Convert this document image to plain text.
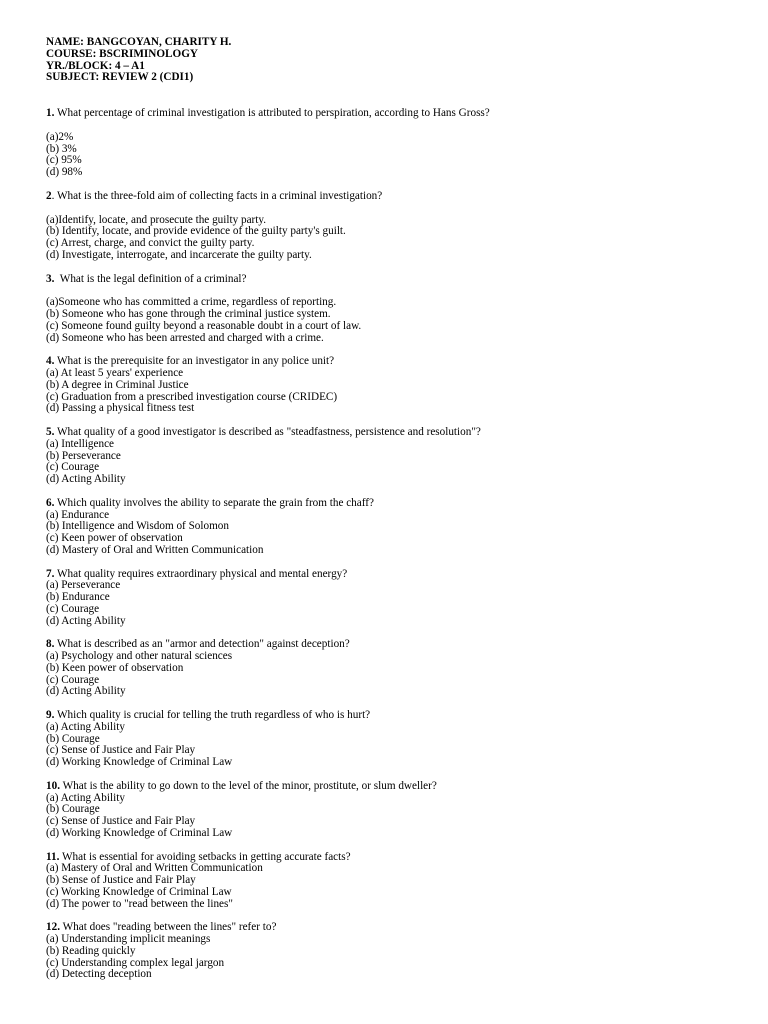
NAME: BANGCOYAN, CHARITY H.
COURSE: BSCRIMINOLOGY
YR./BLOCK: 4 – A1
SUBJECT: REVIEW 2 (CDI1)
1. What percentage of criminal investigation is attributed to perspiration, according to Hans Gross?
(a)2%
(b) 3%
(c) 95%
(d) 98%
2. What is the three-fold aim of collecting facts in a criminal investigation?
(a)Identify, locate, and prosecute the guilty party.
(b) Identify, locate, and provide evidence of the guilty party's guilt.
(c) Arrest, charge, and convict the guilty party.
(d) Investigate, interrogate, and incarcerate the guilty party.
3.  What is the legal definition of a criminal?
(a)Someone who has committed a crime, regardless of reporting.
(b) Someone who has gone through the criminal justice system.
(c) Someone found guilty beyond a reasonable doubt in a court of law.
(d) Someone who has been arrested and charged with a crime.
4. What is the prerequisite for an investigator in any police unit?
(a) At least 5 years' experience
(b) A degree in Criminal Justice
(c) Graduation from a prescribed investigation course (CRIDEC)
(d) Passing a physical fitness test
5. What quality of a good investigator is described as "steadfastness, persistence and resolution"?
(a) Intelligence
(b) Perseverance
(c) Courage
(d) Acting Ability
6. Which quality involves the ability to separate the grain from the chaff?
(a) Endurance
(b) Intelligence and Wisdom of Solomon
(c) Keen power of observation
(d) Mastery of Oral and Written Communication
7. What quality requires extraordinary physical and mental energy?
(a) Perseverance
(b) Endurance
(c) Courage
(d) Acting Ability
8. What is described as an "armor and detection" against deception?
(a) Psychology and other natural sciences
(b) Keen power of observation
(c) Courage
(d) Acting Ability
9. Which quality is crucial for telling the truth regardless of who is hurt?
(a) Acting Ability
(b) Courage
(c) Sense of Justice and Fair Play
(d) Working Knowledge of Criminal Law
10. What is the ability to go down to the level of the minor, prostitute, or slum dweller?
(a) Acting Ability
(b) Courage
(c) Sense of Justice and Fair Play
(d) Working Knowledge of Criminal Law
11. What is essential for avoiding setbacks in getting accurate facts?
(a) Mastery of Oral and Written Communication
(b) Sense of Justice and Fair Play
(c) Working Knowledge of Criminal Law
(d) The power to "read between the lines"
12. What does "reading between the lines" refer to?
(a) Understanding implicit meanings
(b) Reading quickly
(c) Understanding complex legal jargon
(d) Detecting deception
